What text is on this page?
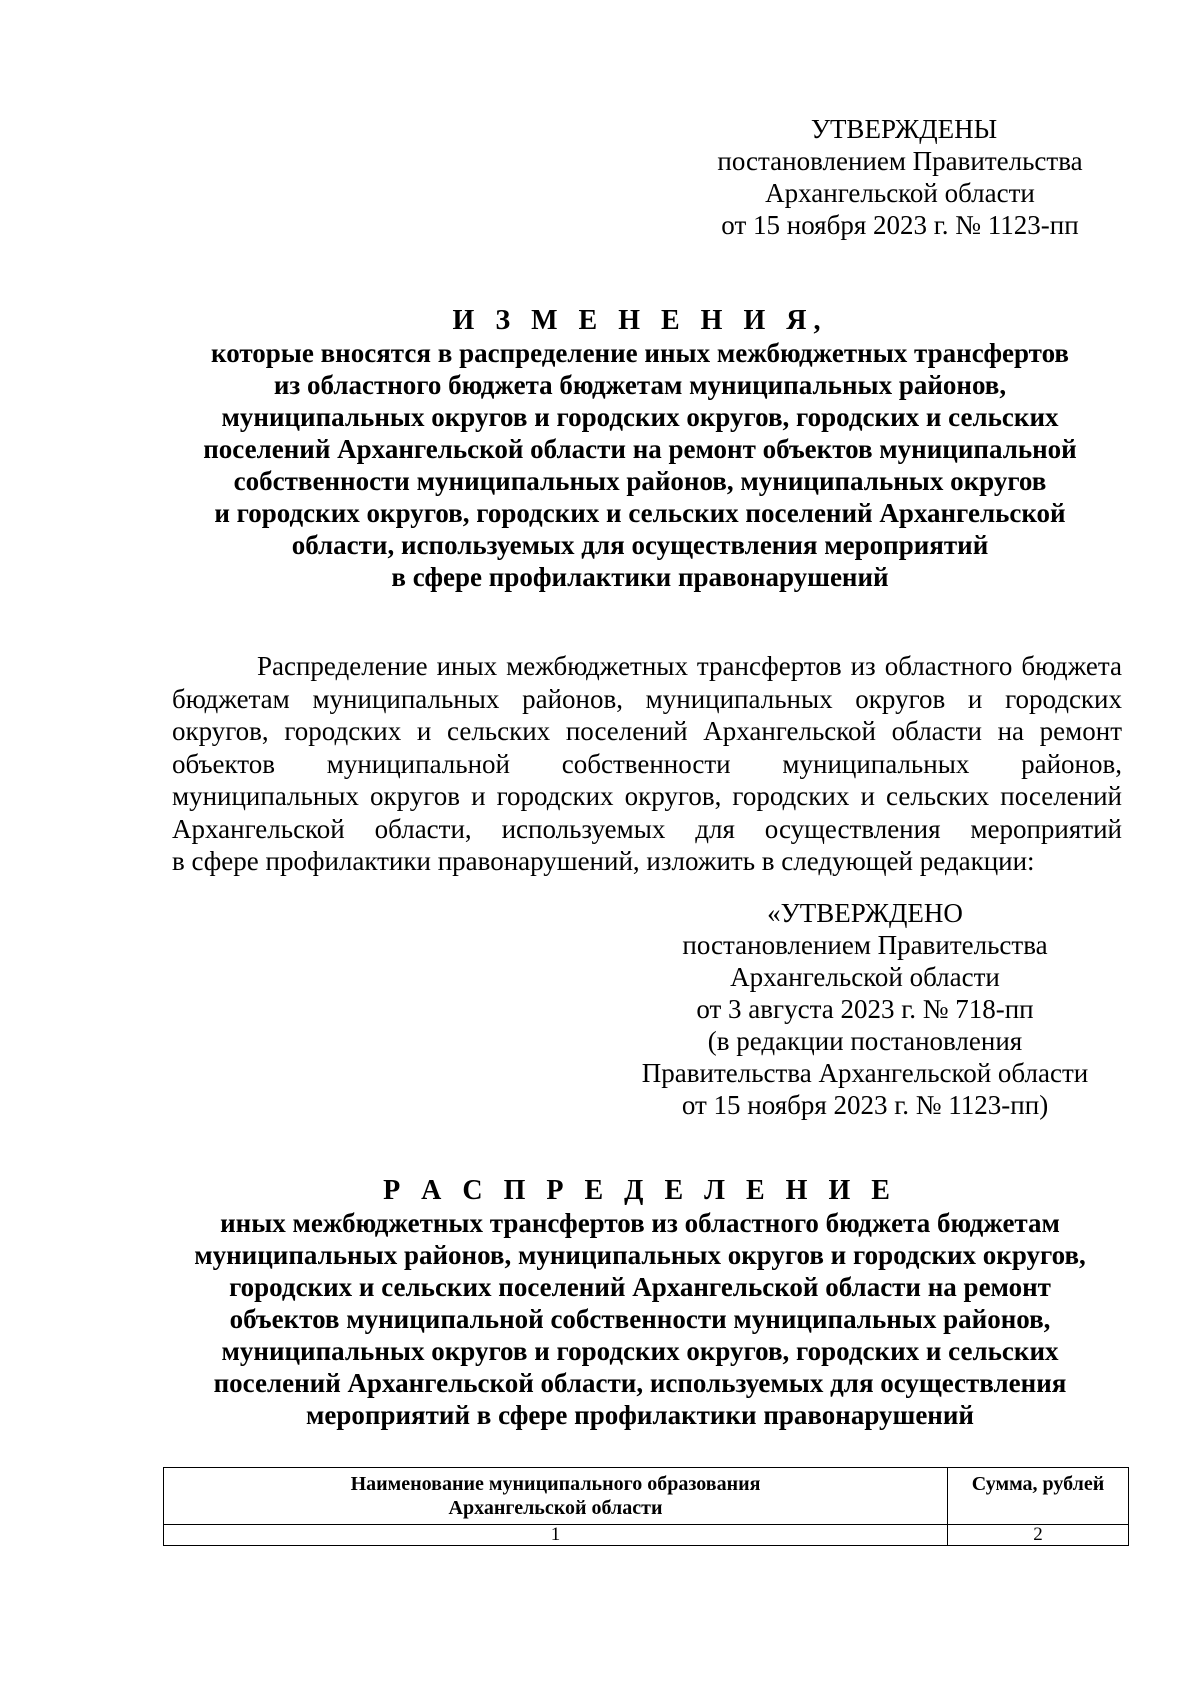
УТВЕРЖДЕНЫ
постановлением Правительства
Архангельской области
от 15 ноября 2023 г. № 1123-пп
И З М Е Н Е Н И Я,
которые вносятся в распределение иных межбюджетных трансфертов
из областного бюджета бюджетам муниципальных районов,
муниципальных округов и городских округов, городских и сельских
поселений Архангельской области на ремонт объектов муниципальной
собственности муниципальных районов, муниципальных округов
и городских округов, городских и сельских поселений Архангельской
области, используемых для осуществления мероприятий
в сфере профилактики правонарушений
Распределение иных межбюджетных трансфертов из областного бюджета
бюджетам муниципальных районов, муниципальных округов и городских
округов, городских и сельских поселений Архангельской области на ремонт
объектов муниципальной собственности муниципальных районов,
муниципальных округов и городских округов, городских и сельских поселений
Архангельской области, используемых для осуществления мероприятий
в сфере профилактики правонарушений, изложить в следующей редакции:
«УТВЕРЖДЕНО
постановлением Правительства
Архангельской области
от 3 августа 2023 г. № 718-пп
(в редакции постановления
Правительства Архангельской области
от 15 ноября 2023 г. № 1123-пп)
Р А С П Р Е Д Е Л Е Н И Е
иных межбюджетных трансфертов из областного бюджета бюджетам
муниципальных районов, муниципальных округов и городских округов,
городских и сельских поселений Архангельской области на ремонт
объектов муниципальной собственности муниципальных районов,
муниципальных округов и городских округов, городских и сельских
поселений Архангельской области, используемых для осуществления
мероприятий в сфере профилактики правонарушений
Наименование муниципального образования
Архангельской области	Сумма, рублей

1	2
